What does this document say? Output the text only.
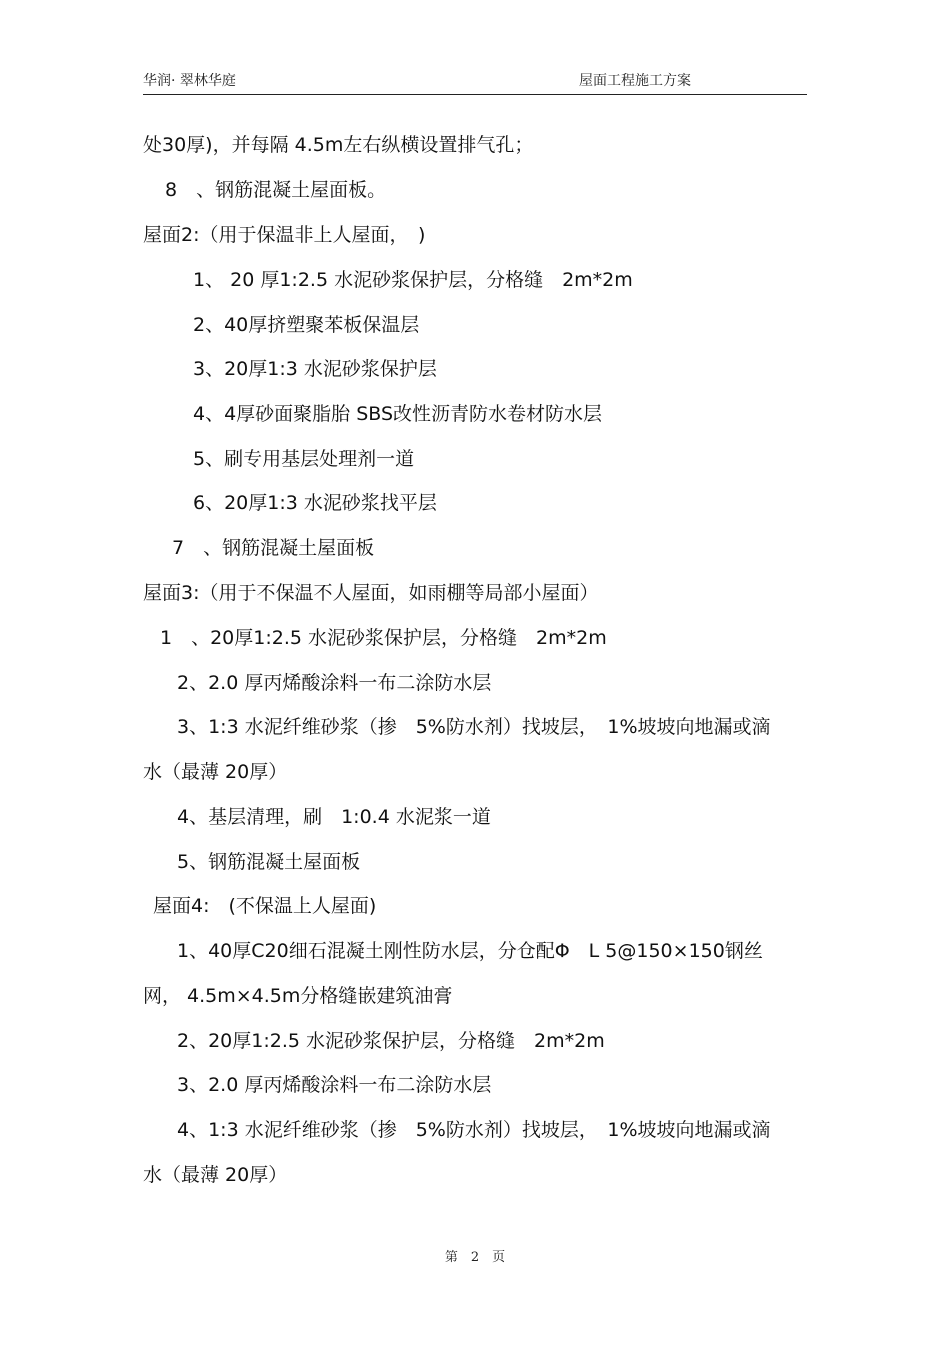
华润· 翠林华庭	屋面工程施工方案
处30厚)，并每隔 4.5m左右纵横设置排气孔；
8　、钢筋混凝土屋面板。
屋面2:（用于保温非上人屋面，　)
1、 20 厚1:2.5 水泥砂浆保护层，分格缝　2m*2m
2、40厚挤塑聚苯板保温层
3、20厚1:3 水泥砂浆保护层
4、4厚砂面聚脂胎 SBS改性沥青防水卷材防水层
5、刷专用基层处理剂一道
6、20厚1:3 水泥砂浆找平层
7　、钢筋混凝土屋面板
屋面3:（用于不保温不人屋面，如雨棚等局部小屋面）
1　、20厚1:2.5 水泥砂浆保护层，分格缝　2m*2m
2、2.0 厚丙烯酸涂料一布二涂防水层
3、1:3 水泥纤维砂浆（掺　5%防水剂）找坡层，　1%坡坡向地漏或滴
水（最薄 20厚）
4、基层清理，刷　1:0.4 水泥浆一道
5、钢筋混凝土屋面板
屋面4:　(不保温上人屋面)
1、40厚C20细石混凝土刚性防水层，分仓配Φ　L 5@150×150钢丝
网， 4.5m×4.5m分格缝嵌建筑油膏
2、20厚1:2.5 水泥砂浆保护层，分格缝　2m*2m
3、2.0 厚丙烯酸涂料一布二涂防水层
4、1:3 水泥纤维砂浆（掺　5%防水剂）找坡层，　1%坡坡向地漏或滴
水（最薄 20厚）
第　2　页
